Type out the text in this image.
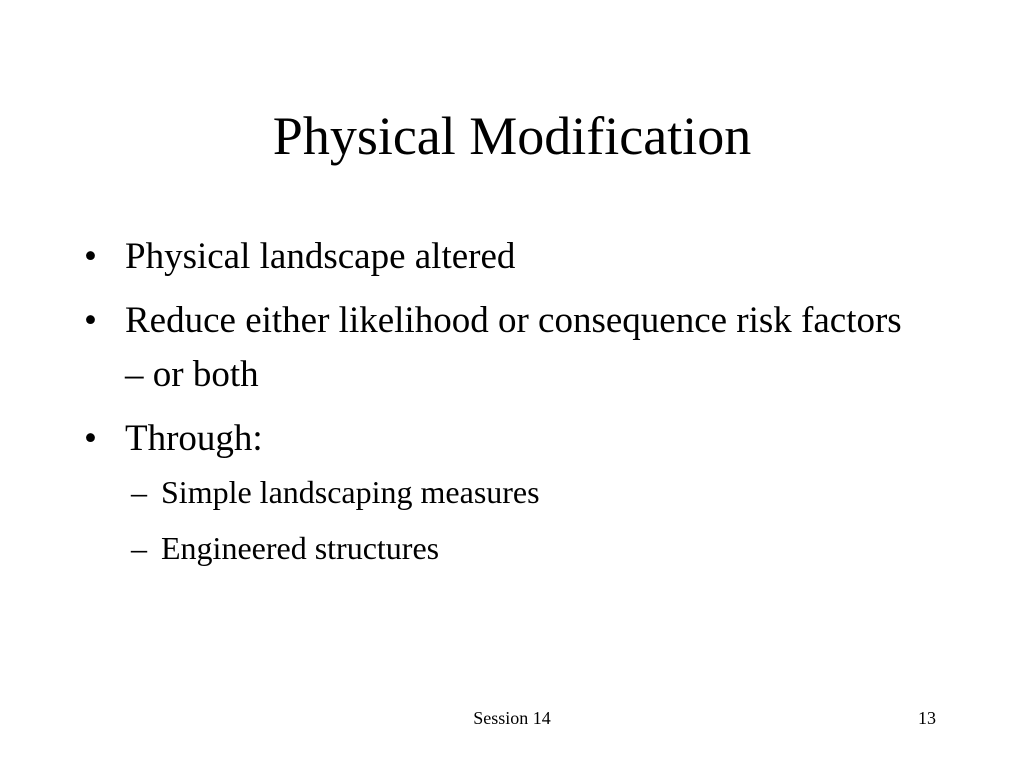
Physical Modification
• Physical landscape altered
• Reduce either likelihood or consequence risk factors – or both
• Through:
– Simple landscaping measures
– Engineered structures
Session 14	13
